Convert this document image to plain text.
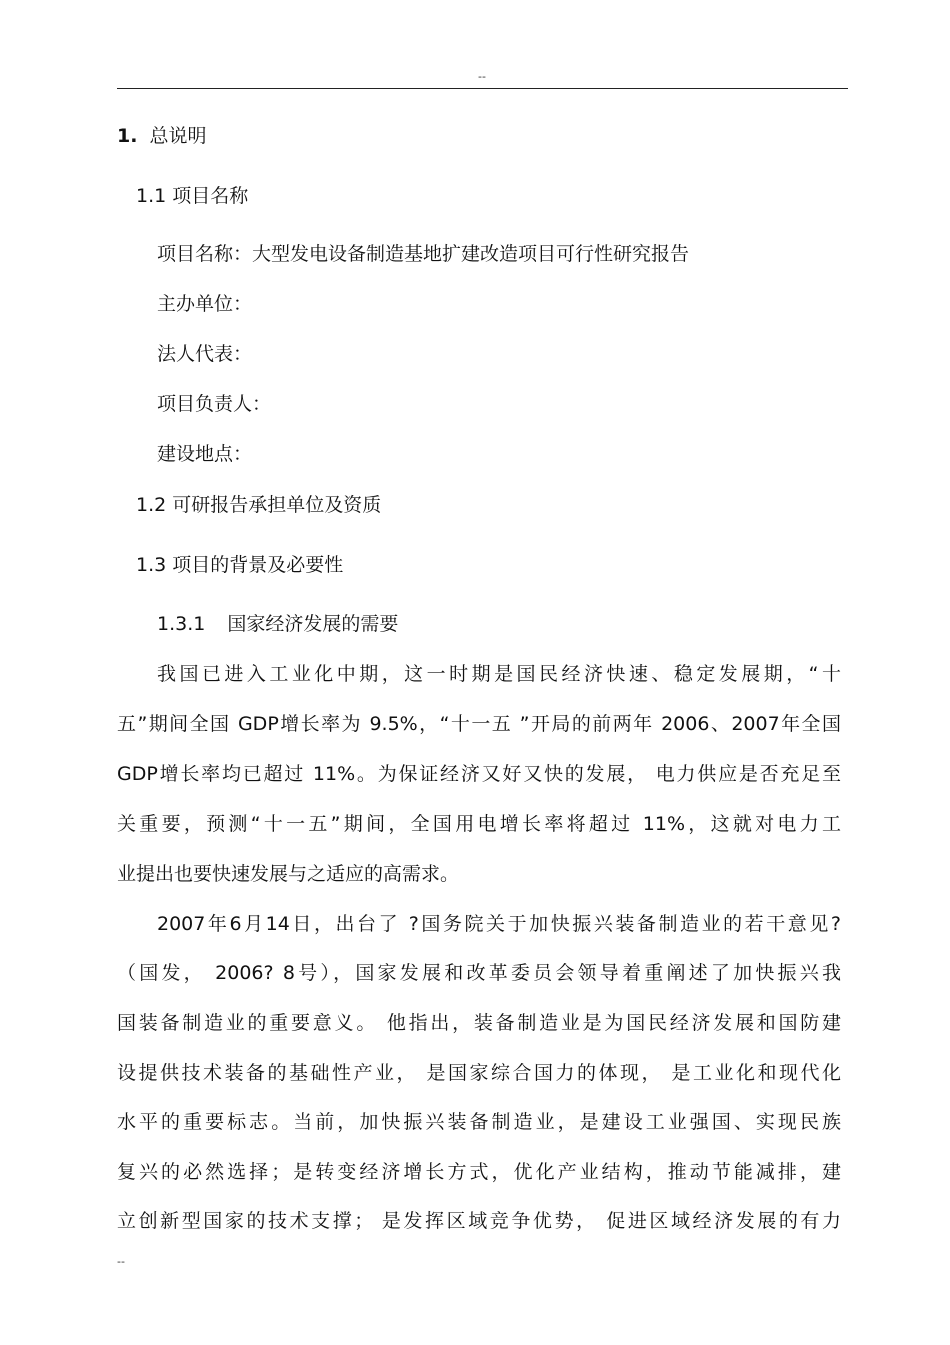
--
1. 总说明
1.1 项目名称
项目名称：大型发电设备制造基地扩建改造项目可行性研究报告
主办单位：
法人代表：
项目负责人：
建设地点：
1.2 可研报告承担单位及资质
1.3 项目的背景及必要性
1.3.1 国家经济发展的需要
我国已进入工业化中期，这一时期是国民经济快速、稳定发展期，“十
五”期间全国 GDP增长率为 9.5%，“十一五 ”开局的前两年 2006、2007年全国
GDP增长率均已超过 11%。为保证经济又好又快的发展， 电力供应是否充足至
关重要，预测“十一五”期间，全国用电增长率将超过 11%，这就对电力工
业提出也要快速发展与之适应的高需求。
2007年6月14日，出台了 ?国务院关于加快振兴装备制造业的若干意见?
（国发， 2006? 8号），国家发展和改革委员会领导着重阐述了加快振兴我
国装备制造业的重要意义。 他指出，装备制造业是为国民经济发展和国防建
设提供技术装备的基础性产业， 是国家综合国力的体现， 是工业化和现代化
水平的重要标志。当前，加快振兴装备制造业，是建设工业强国、实现民族
复兴的必然选择；是转变经济增长方式，优化产业结构，推动节能减排，建
立创新型国家的技术支撑； 是发挥区域竞争优势， 促进区域经济发展的有力
--
